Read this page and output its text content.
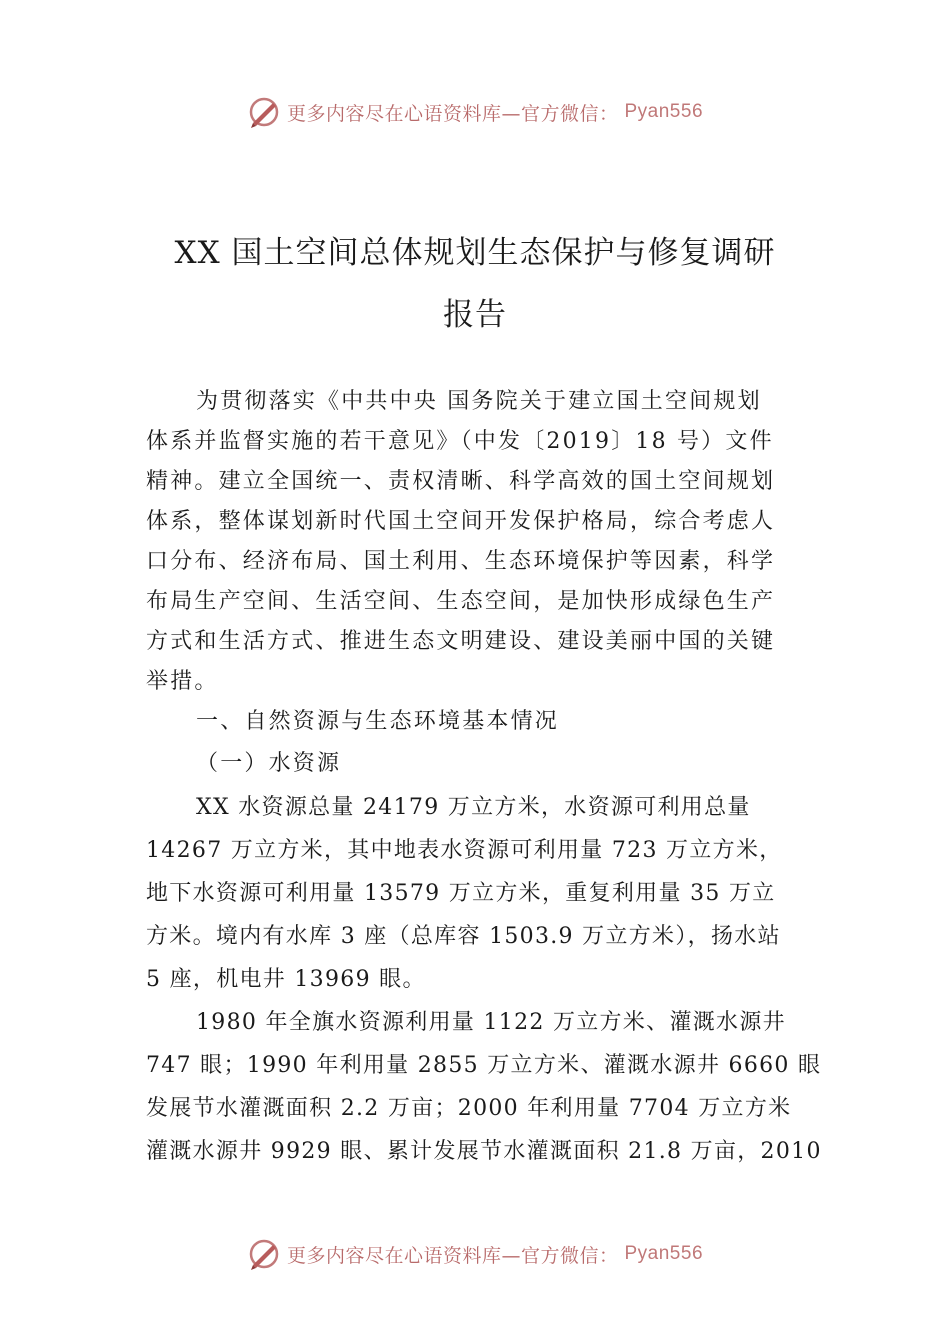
更多内容尽在心语资料库—官方微信： Pyan556
XX 国土空间总体规划生态保护与修复调研
报告
为贯彻落实《中共中央 国务院关于建立国土空间规划
体系并监督实施的若干意见》（中发〔2019〕18 号）文件
精神。建立全国统一、责权清晰、科学高效的国土空间规划
体系，整体谋划新时代国土空间开发保护格局，综合考虑人
口分布、经济布局、国土利用、生态环境保护等因素，科学
布局生产空间、生活空间、生态空间，是加快形成绿色生产
方式和生活方式、推进生态文明建设、建设美丽中国的关键
举措。
一、自然资源与生态环境基本情况
（一）水资源
XX 水资源总量 24179 万立方米，水资源可利用总量
14267 万立方米，其中地表水资源可利用量 723 万立方米，
地下水资源可利用量 13579 万立方米，重复利用量 35 万立
方米。境内有水库 3 座（总库容 1503.9 万立方米），扬水站
5 座，机电井 13969 眼。
1980 年全旗水资源利用量 1122 万立方米、灌溉水源井
747 眼；1990 年利用量 2855 万立方米、灌溉水源井 6660 眼
发展节水灌溉面积 2.2 万亩；2000 年利用量 7704 万立方米
灌溉水源井 9929 眼、累计发展节水灌溉面积 21.8 万亩，2010
更多内容尽在心语资料库—官方微信： Pyan556
